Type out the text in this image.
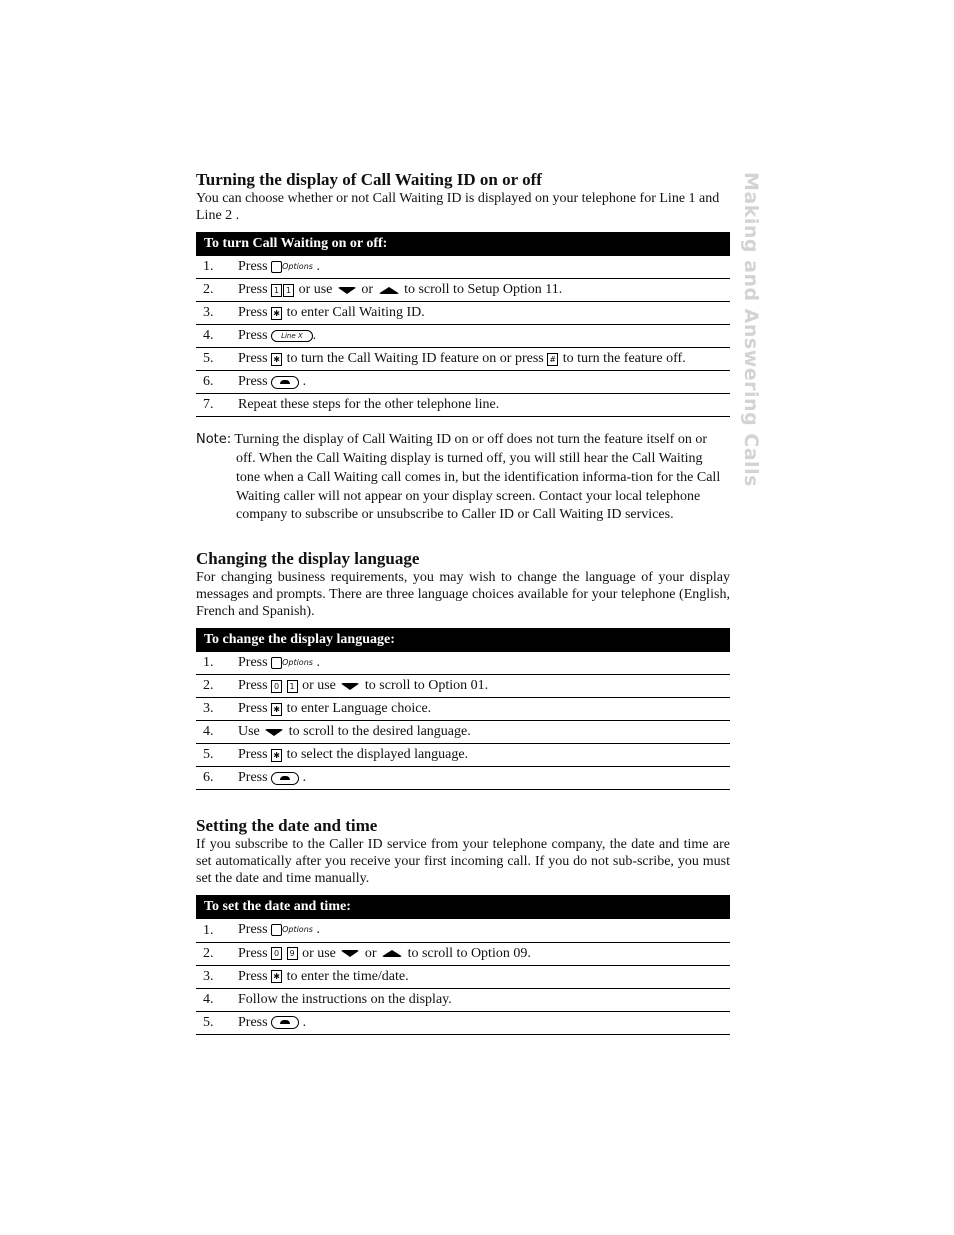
Making and Answering Calls
Turning the display of Call Waiting ID on or off

You can choose whether or not Call Waiting ID is displayed on your telephone for Line 1 and Line 2 .

To turn Call Waiting on or off:	
1.	Press Options .
2.	Press 1 1 or use or to scroll to Setup Option 11.
3.	Press ✱ to enter Call Waiting ID.
4.	Press Line X .
5.	Press ✱ to turn the Call Waiting ID feature on or press # to turn the feature off.
6.	Press .
7.	Repeat these steps for the other telephone line.

Note: Turning the display of Call Waiting ID on or off does not turn the feature itself on or off. When the Call Waiting display is turned off, you will still hear the Call Waiting tone when a Call Waiting call comes in, but the identification informa-tion for the Call Waiting caller will not appear on your display screen. Contact your local telephone company to subscribe or unsubscribe to Caller ID or Call Waiting ID services.

Changing the display language

For changing business requirements, you may wish to change the language of your display messages and prompts. There are three language choices available for your telephone (English, French and Spanish).

To change the display language:	
1.	Press Options .
2.	Press 0 1 or use to scroll to Option 01.
3.	Press ✱ to enter Language choice.
4.	Use to scroll to the desired language.
5.	Press ✱ to select the displayed language.
6.	Press .
Setting the date and time

If you subscribe to the Caller ID service from your telephone company, the date and time are set automatically after you receive your first incoming call. If you do not sub-scribe, you must set the date and time manually.

To set the date and time:	
1.	Press Options .
2.	Press 0 9 or use or to scroll to Option 09.
3.	Press ✱ to enter the time/date.
4.	Follow the instructions on the display.
5.	Press .
